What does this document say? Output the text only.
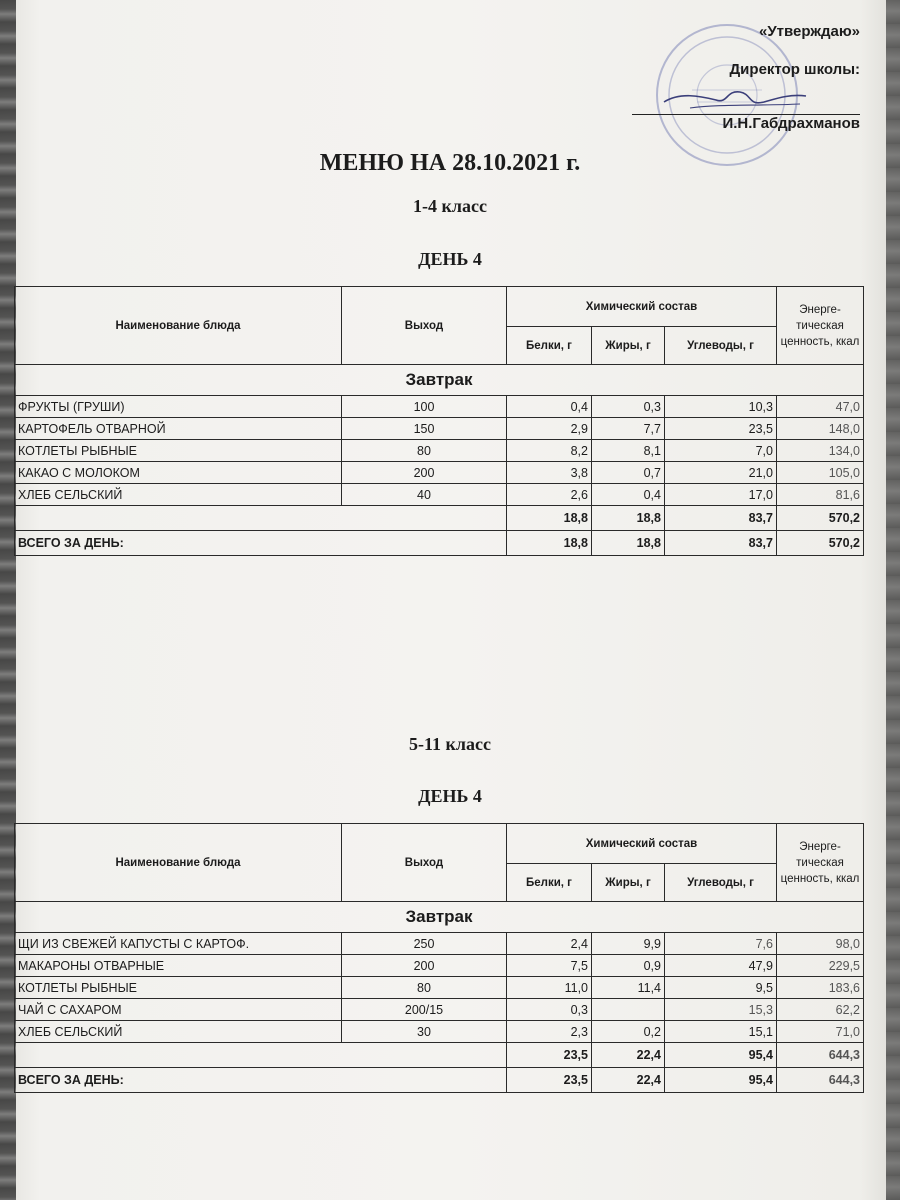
«Утверждаю»
Директор школы:
И.Н.Габдрахманов
МЕНЮ НА 28.10.2021 г.
1-4 класс
ДЕНЬ 4
Наименование блюда	Выход	Химический состав			Энерге-тическая ценность, ккал
		Белки, г	Жиры, г	Углеводы, г	
Завтрак					
ФРУКТЫ (ГРУШИ)	100	0,4	0,3	10,3	47,0
КАРТОФЕЛЬ ОТВАРНОЙ	150	2,9	7,7	23,5	148,0
КОТЛЕТЫ РЫБНЫЕ	80	8,2	8,1	7,0	134,0
КАКАО С МОЛОКОМ	200	3,8	0,7	21,0	105,0
ХЛЕБ СЕЛЬСКИЙ	40	2,6	0,4	17,0	81,6
		18,8	18,8	83,7	570,2
ВСЕГО ЗА ДЕНЬ:		18,8	18,8	83,7	570,2
5-11 класс
ДЕНЬ 4
Наименование блюда	Выход	Химический состав			Энерге-тическая ценность, ккал
		Белки, г	Жиры, г	Углеводы, г	
Завтрак					
ЩИ ИЗ СВЕЖЕЙ КАПУСТЫ С КАРТОФ.	250	2,4	9,9	7,6	98,0
МАКАРОНЫ ОТВАРНЫЕ	200	7,5	0,9	47,9	229,5
КОТЛЕТЫ РЫБНЫЕ	80	11,0	11,4	9,5	183,6
ЧАЙ С САХАРОМ	200/15	0,3		15,3	62,2
ХЛЕБ СЕЛЬСКИЙ	30	2,3	0,2	15,1	71,0
		23,5	22,4	95,4	644,3
ВСЕГО ЗА ДЕНЬ:		23,5	22,4	95,4	644,3
